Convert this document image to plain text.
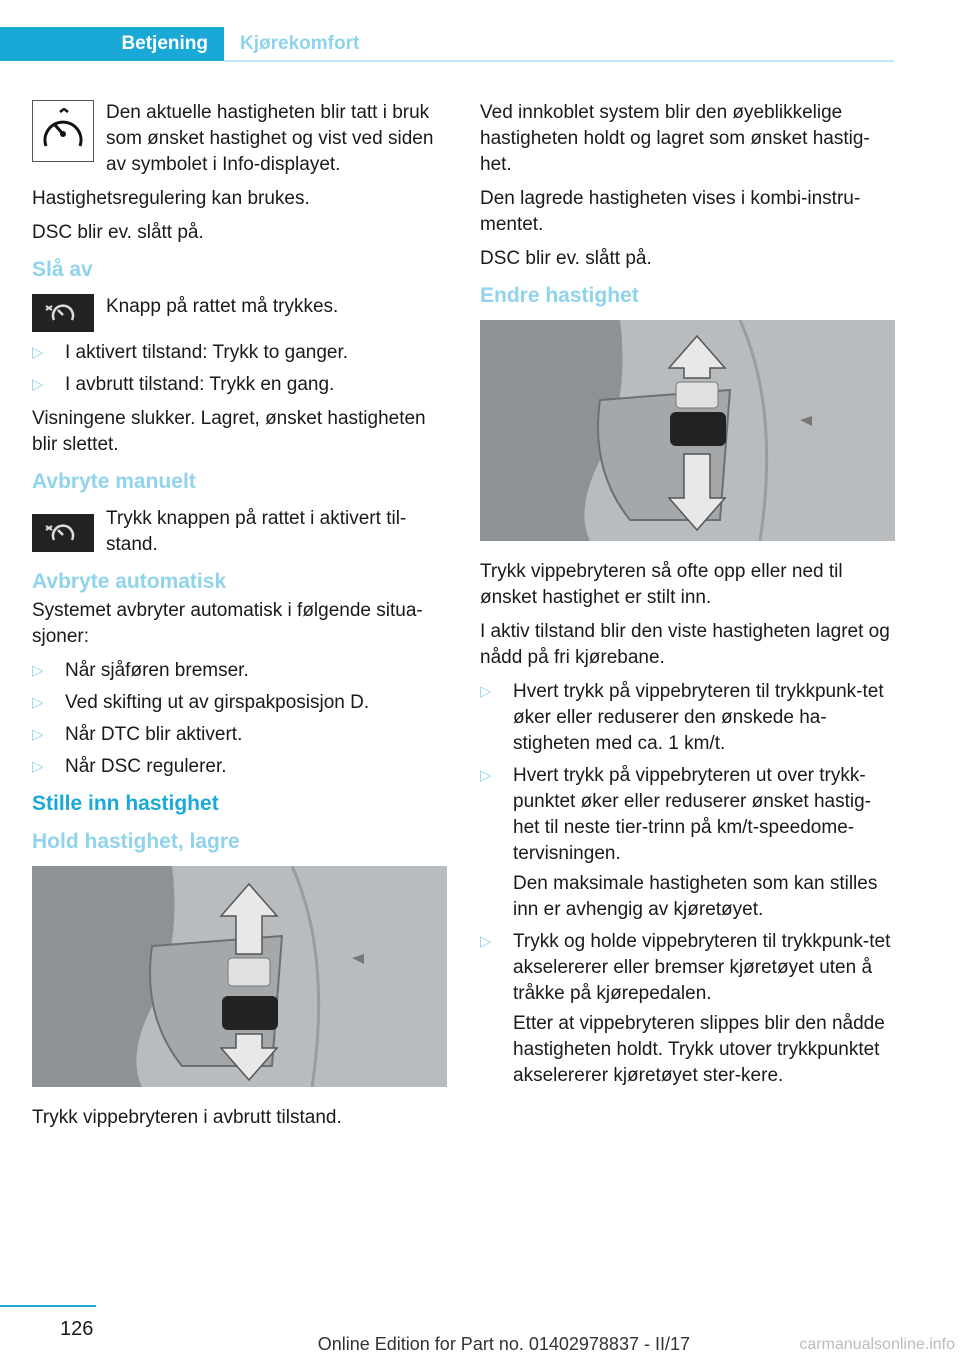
Betjening	Kjørekomfort

Den aktuelle hastigheten blir tatt i bruk som ønsket hastighet og vist ved siden av symbolet i Info-displayet.

Hastighetsregulering kan brukes.

DSC blir ev. slått på.

Slå av

Knapp på rattet må trykkes.

▷ I aktivert tilstand: Trykk to ganger.
▷ I avbrutt tilstand: Trykk en gang.

Visningene slukker. Lagret, ønsket hastigheten blir slettet.

Avbryte manuelt

Trykk knappen på rattet i aktivert til-stand.

Avbryte automatisk

Systemet avbryter automatisk i følgende situa-sjoner:

▷ Når sjåføren bremser.
▷ Ved skifting ut av girspakposisjon D.
▷ Når DTC blir aktivert.
▷ Når DSC regulerer.
Stille inn hastighet
Hold hastighet, lagre

Trykk vippebryteren i avbrutt tilstand.

Ved innkoblet system blir den øyeblikkelige hastigheten holdt og lagret som ønsket hastig-het.

Den lagrede hastigheten vises i kombi-instru-mentet.

DSC blir ev. slått på.

Endre hastighet

Trykk vippebryteren så ofte opp eller ned til ønsket hastighet er stilt inn.

I aktiv tilstand blir den viste hastigheten lagret og nådd på fri kjørebane.

▷ Hvert trykk på vippebryteren til trykkpunk-tet øker eller reduserer den ønskede ha-stigheten med ca. 1 km/t.
▷ Hvert trykk på vippebryteren ut over trykk-punktet øker eller reduserer ønsket hastig-het til neste tier-trinn på km/t-speedome-tervisningen.

Den maksimale hastigheten som kan stilles inn er avhengig av kjøretøyet.

▷ Trykk og holde vippebryteren til trykkpunk-tet akselererer eller bremser kjøretøyet uten å tråkke på kjørepedalen.

Etter at vippebryteren slippes blir den nådde hastigheten holdt. Trykk utover trykkpunktet akselererer kjøretøyet ster-kere.

126
Online Edition for Part no. 01402978837 - II/17	carmanualsonline.info
